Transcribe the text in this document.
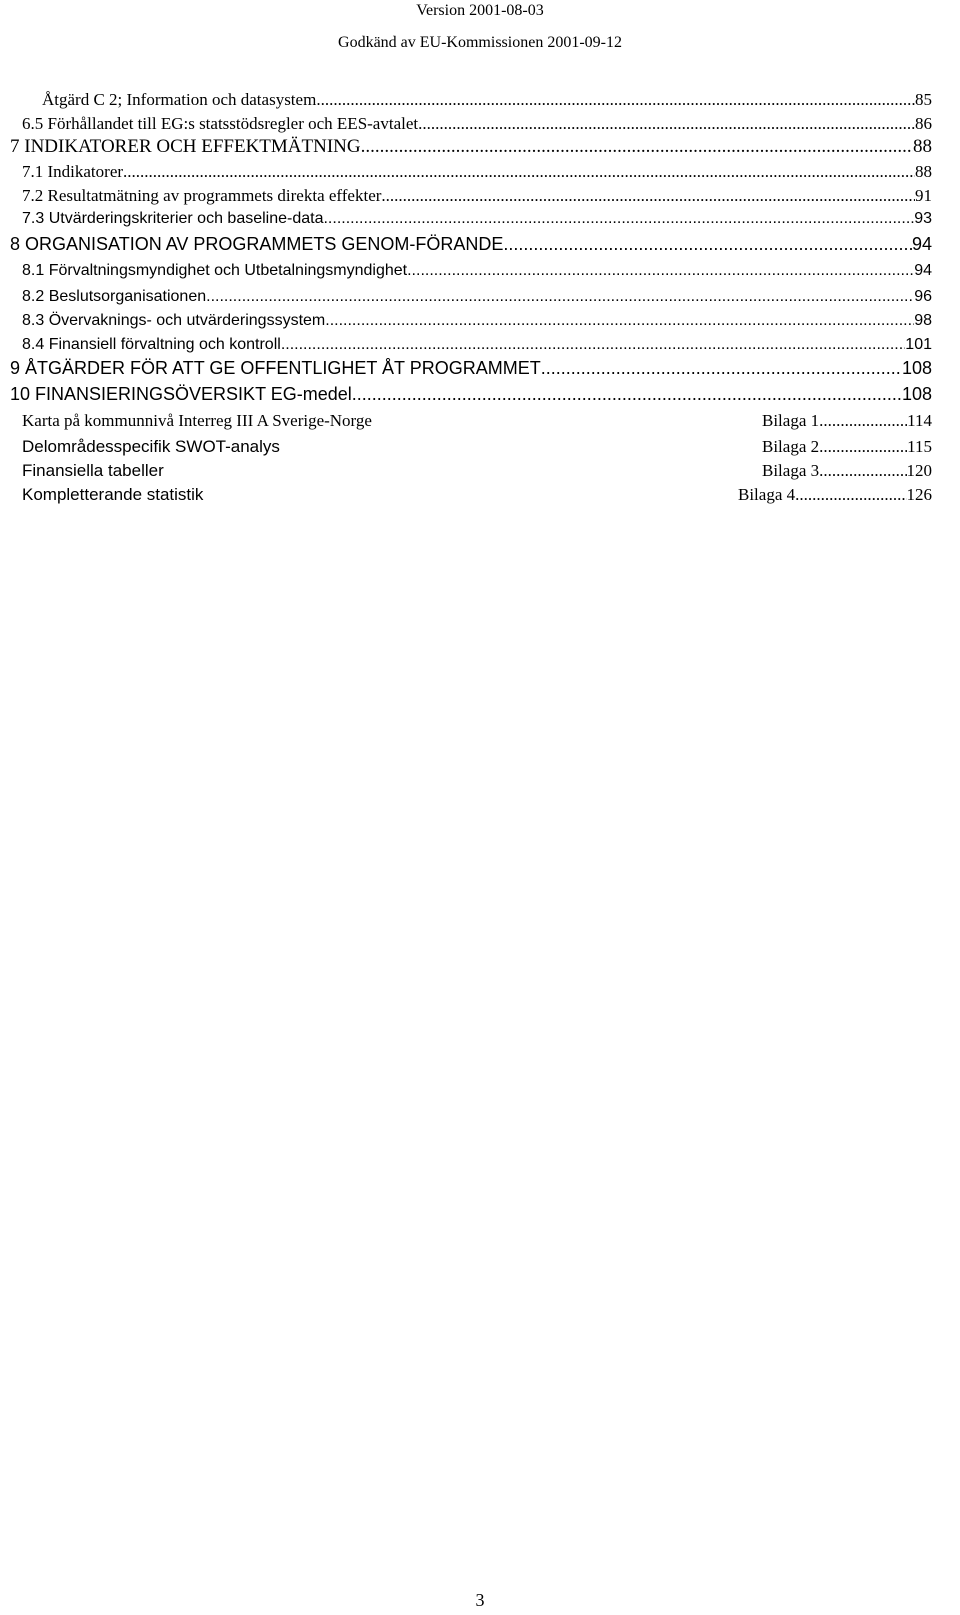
Version 2001-08-03
Godkänd av EU-Kommissionen 2001-09-12
Åtgärd C 2; Information och datasystem .....	85
6.5 Förhållandet till EG:s statsstödsregler och EES-avtalet .....	86
7 INDIKATORER OCH EFFEKTMÄTNING .....	88
7.1 Indikatorer .....	88
7.2 Resultatmätning av programmets direkta effekter .....	91
7.3 Utvärderingskriterier och baseline-data .....	93
8 ORGANISATION AV PROGRAMMETS GENOM-FÖRANDE .....	94
8.1 Förvaltningsmyndighet och Utbetalningsmyndighet .....	94
8.2 Beslutsorganisationen .....	96
8.3 Övervaknings- och utvärderingssystem .....	98
8.4 Finansiell förvaltning och kontroll .....	101
9 ÅTGÄRDER FÖR ATT GE OFFENTLIGHET ÅT PROGRAMMET .....	108
10 FINANSIERINGSÖVERSIKT EG-medel .....	108
Karta på kommunnivå Interreg III A Sverige-Norge	Bilaga 1 .....	114
Delområdesspecifik SWOT-analys	Bilaga 2 .....	115
Finansiella tabeller	Bilaga 3 .....	120
Kompletterande statistik	Bilaga 4 .....	126
3
